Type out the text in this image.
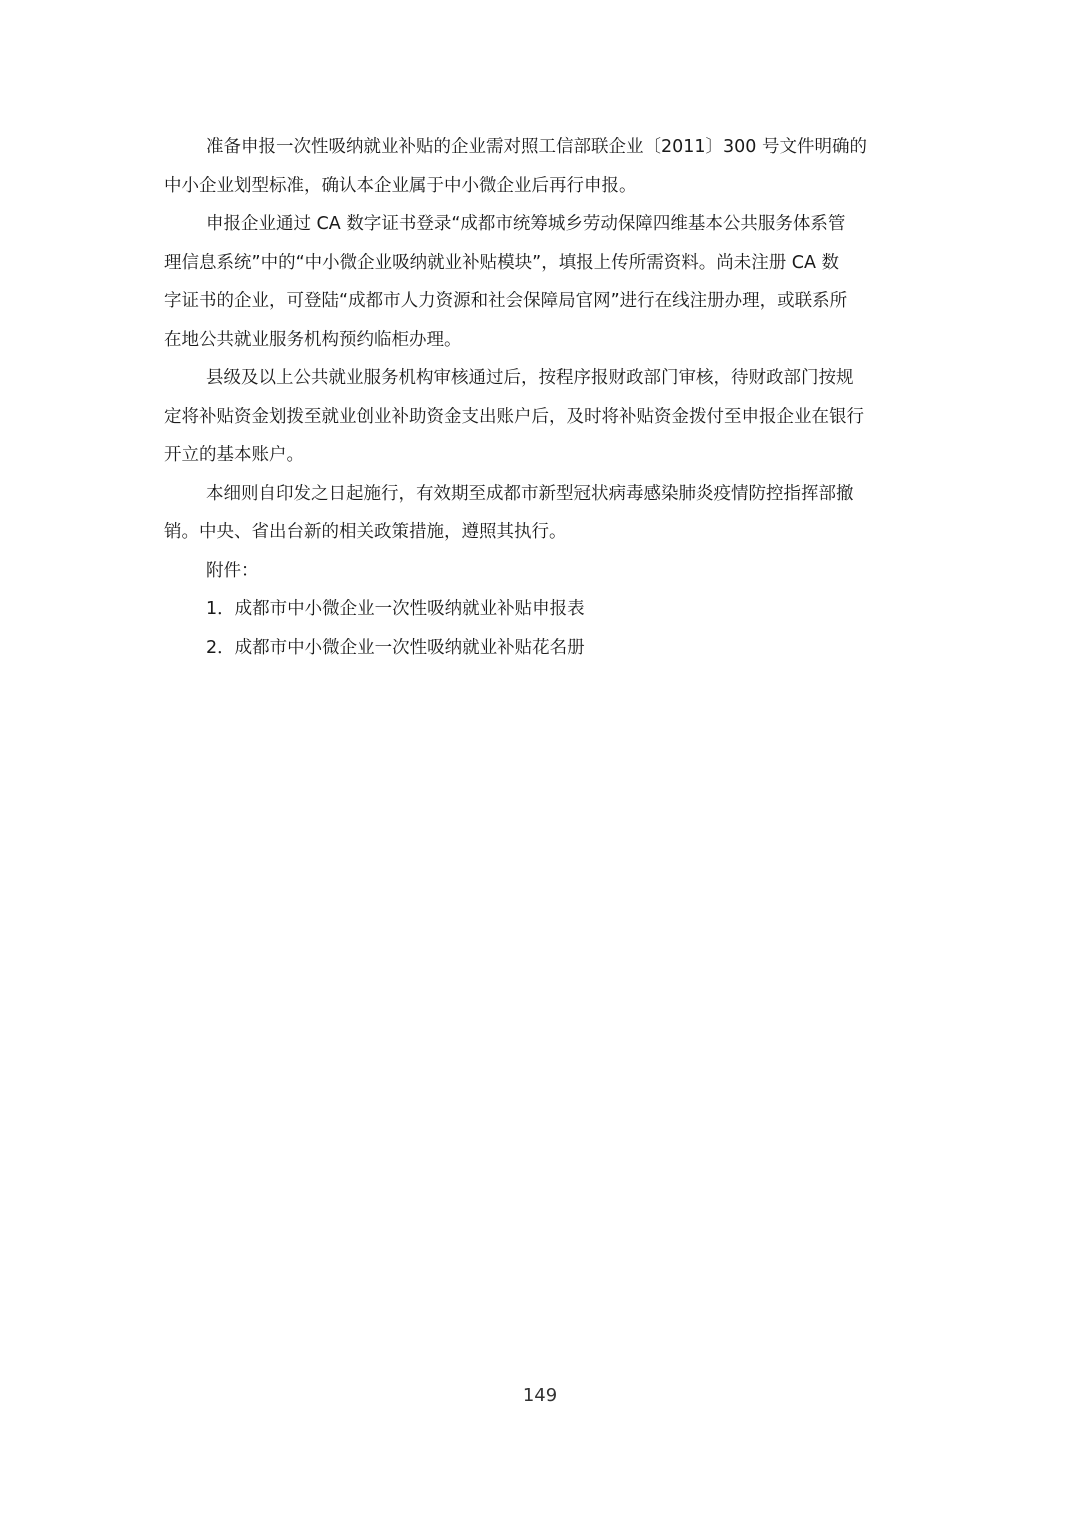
准备申报一次性吸纳就业补贴的企业需对照工信部联企业〔2011〕300 号文件明确的
中小企业划型标准，确认本企业属于中小微企业后再行申报。
申报企业通过 CA 数字证书登录“成都市统筹城乡劳动保障四维基本公共服务体系管
理信息系统”中的“中小微企业吸纳就业补贴模块”，填报上传所需资料。尚未注册 CA 数
字证书的企业，可登陆“成都市人力资源和社会保障局官网”进行在线注册办理，或联系所
在地公共就业服务机构预约临柜办理。
县级及以上公共就业服务机构审核通过后，按程序报财政部门审核，待财政部门按规
定将补贴资金划拨至就业创业补助资金支出账户后，及时将补贴资金拨付至申报企业在银行
开立的基本账户。
本细则自印发之日起施行，有效期至成都市新型冠状病毒感染肺炎疫情防控指挥部撤
销。中央、省出台新的相关政策措施，遵照其执行。
附件：
1．成都市中小微企业一次性吸纳就业补贴申报表
2．成都市中小微企业一次性吸纳就业补贴花名册
149
